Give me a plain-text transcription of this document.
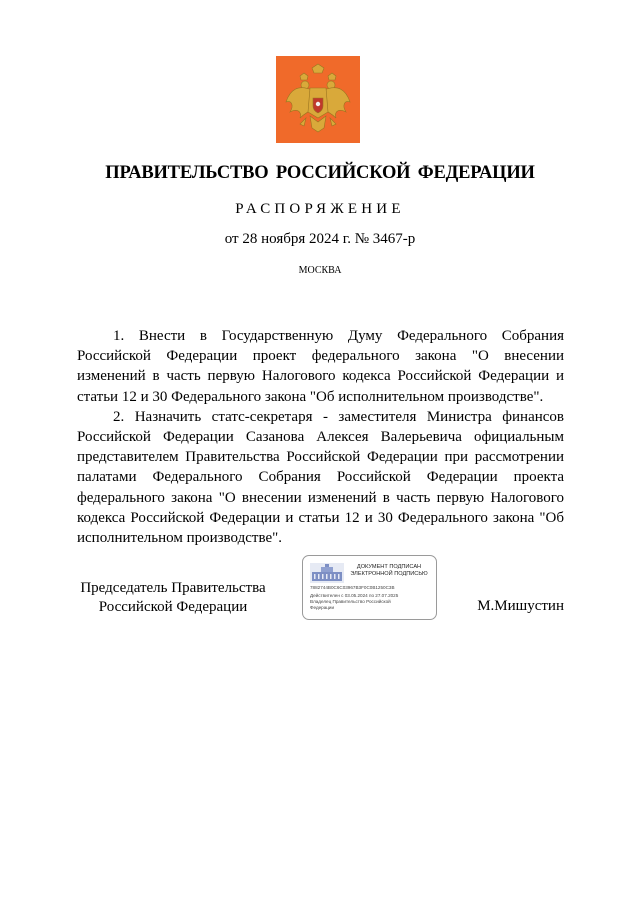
ПРАВИТЕЛЬСТВО РОССИЙСКОЙ ФЕДЕРАЦИИ
РАСПОРЯЖЕНИЕ
от 28 ноября 2024 г. № 3467-р
МОСКВА

1. Внести в Государственную Думу Федерального Собрания Российской Федерации проект федерального закона "О внесении изменений в часть первую Налогового кодекса Российской Федерации и статьи 12 и 30 Федерального закона "Об исполнительном производстве".

2. Назначить статс-секретаря - заместителя Министра финансов Российской Федерации Сазанова Алексея Валерьевича официальным представителем Правительства Российской Федерации при рассмотрении палатами Федерального Собрания Российской Федерации проекта федерального закона "О внесении изменений в часть первую Налогового кодекса Российской Федерации и статьи 12 и 30 Федерального закона "Об исполнительном производстве".

Председатель Правительства
Российской Федерации
ДОКУМЕНТ ПОДПИСАН
ЭЛЕКТРОННОЙ ПОДПИСЬЮ
7882744B0C6C03967B3F0C0B1250C3B
Действителен с 03.05.2024 по 27.07.2025
Владелец Правительство Российской
Федерации	М.Мишустин
